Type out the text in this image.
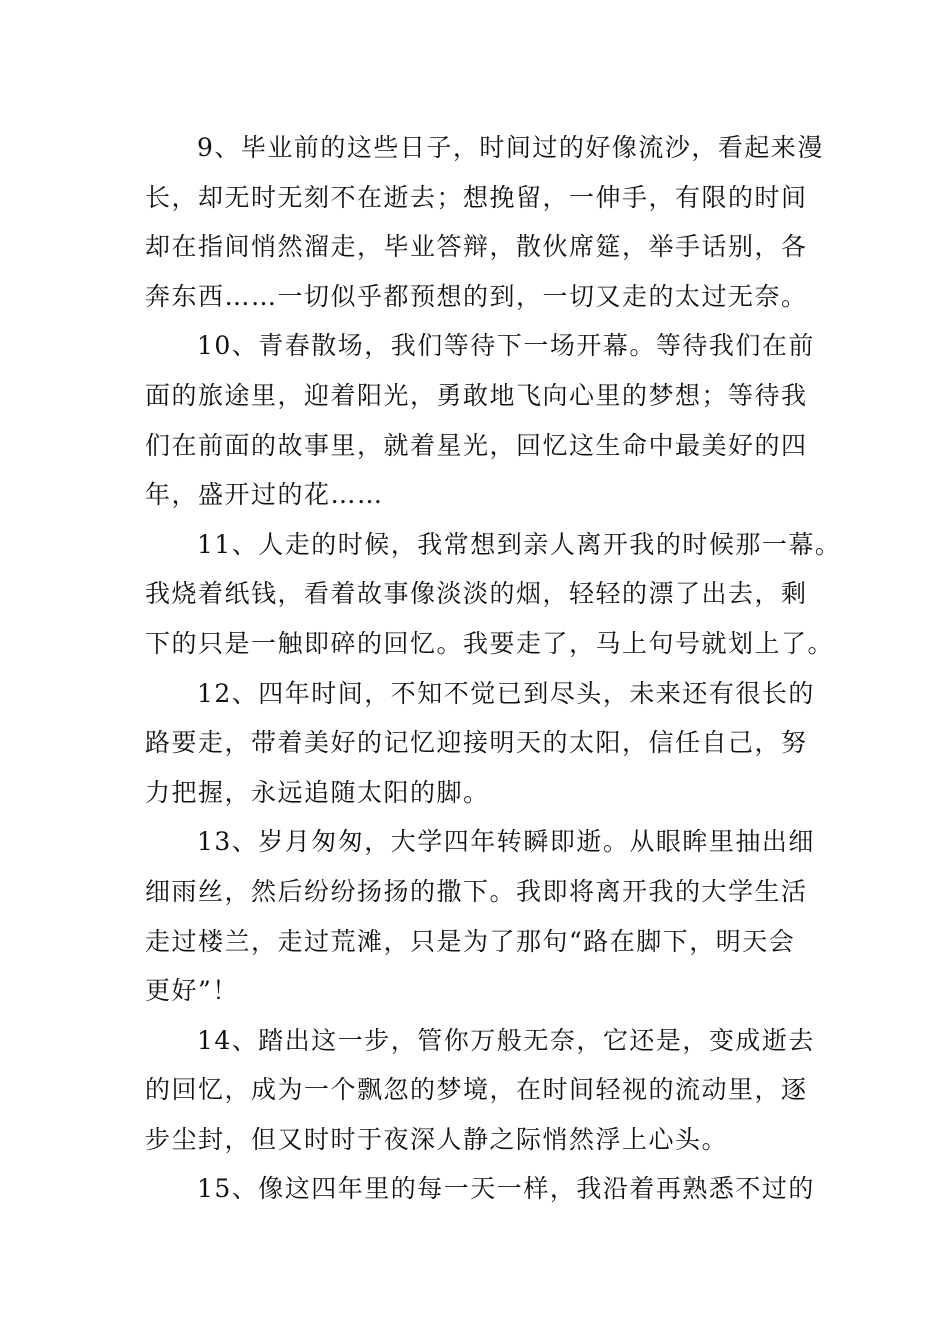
9、毕业前的这些日子，时间过的好像流沙，看起来漫
长，却无时无刻不在逝去；想挽留，一伸手，有限的时间
却在指间悄然溜走，毕业答辩，散伙席筵，举手话别，各
奔东西……一切似乎都预想的到，一切又走的太过无奈。

10、青春散场，我们等待下一场开幕。等待我们在前
面的旅途里，迎着阳光，勇敢地飞向心里的梦想；等待我
们在前面的故事里，就着星光，回忆这生命中最美好的四
年，盛开过的花……

11、人走的时候，我常想到亲人离开我的时候那一幕。
我烧着纸钱，看着故事像淡淡的烟，轻轻的漂了出去，剩
下的只是一触即碎的回忆。我要走了，马上句号就划上了。

12、四年时间，不知不觉已到尽头，未来还有很长的
路要走，带着美好的记忆迎接明天的太阳，信任自己，努
力把握，永远追随太阳的脚。

13、岁月匆匆，大学四年转瞬即逝。从眼眸里抽出细
细雨丝，然后纷纷扬扬的撒下。我即将离开我的大学生活
走过楼兰，走过荒滩，只是为了那句“路在脚下，明天会
更好”！

14、踏出这一步，管你万般无奈，它还是，变成逝去
的回忆，成为一个飘忽的梦境，在时间轻视的流动里，逐
步尘封，但又时时于夜深人静之际悄然浮上心头。

15、像这四年里的每一天一样，我沿着再熟悉不过的
